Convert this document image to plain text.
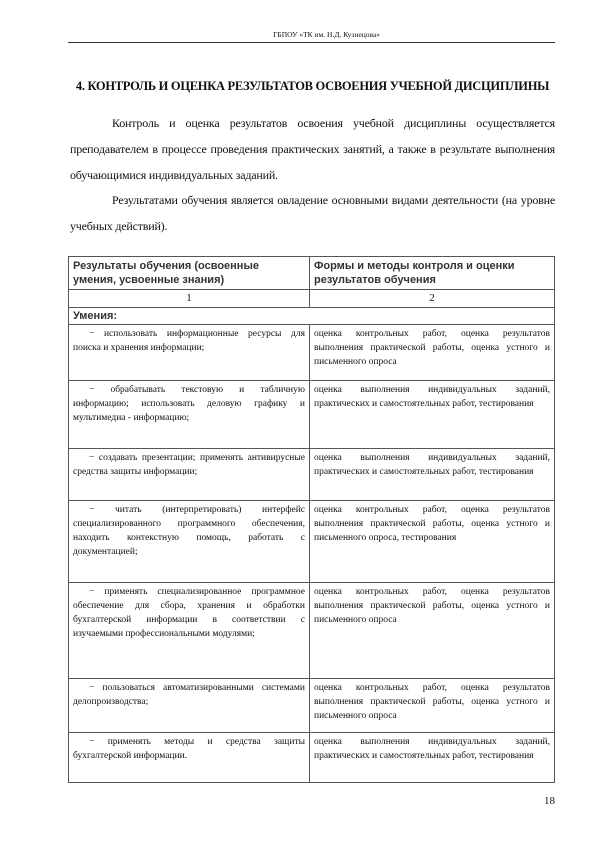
ГБПОУ «ТК им. Н.Д. Кузнецова»
4. КОНТРОЛЬ И ОЦЕНКА РЕЗУЛЬТАТОВ ОСВОЕНИЯ УЧЕБНОЙ ДИСЦИПЛИНЫ
Контроль и оценка результатов освоения учебной дисциплины осуществляется преподавателем в процессе проведения практических занятий, а также в результате выполнения обучающимися индивидуальных заданий.
Результатами обучения является овладение основными видами деятельности (на уровне учебных действий).
Результаты обучения (освоенные умения, усвоенные знания)	Формы и методы контроля и оценки результатов обучения
1	2
Умения:	
− использовать информационные ресурсы для поиска и хранения информации;	оценка контрольных работ, оценка результатов выполнения практической работы, оценка устного и письменного опроса
− обрабатывать текстовую и табличную информацию; использовать деловую графику и мультимедиа - информацию;	оценка выполнения индивидуальных заданий, практических и самостоятельных работ, тестирования
− создавать презентации; применять антивирусные средства защиты информации;	оценка выполнения индивидуальных заданий, практических и самостоятельных работ, тестирования
− читать (интерпретировать) интерфейс специализированного программного обеспечения, находить контекстную помощь, работать с документацией;	оценка контрольных работ, оценка результатов выполнения практической работы, оценка устного и письменного опроса, тестирования
− применять специализированное программное обеспечение для сбора, хранения и обработки бухгалтерской информации в соответствии с изучаемыми профессиональными модулями;	оценка контрольных работ, оценка результатов выполнения практической работы, оценка устного и письменного опроса
− пользоваться автоматизированными системами делопроизводства;	оценка контрольных работ, оценка результатов выполнения практической работы, оценка устного и письменного опроса
− применять методы и средства защиты бухгалтерской информации.	оценка выполнения индивидуальных заданий, практических и самостоятельных работ, тестирования
18
